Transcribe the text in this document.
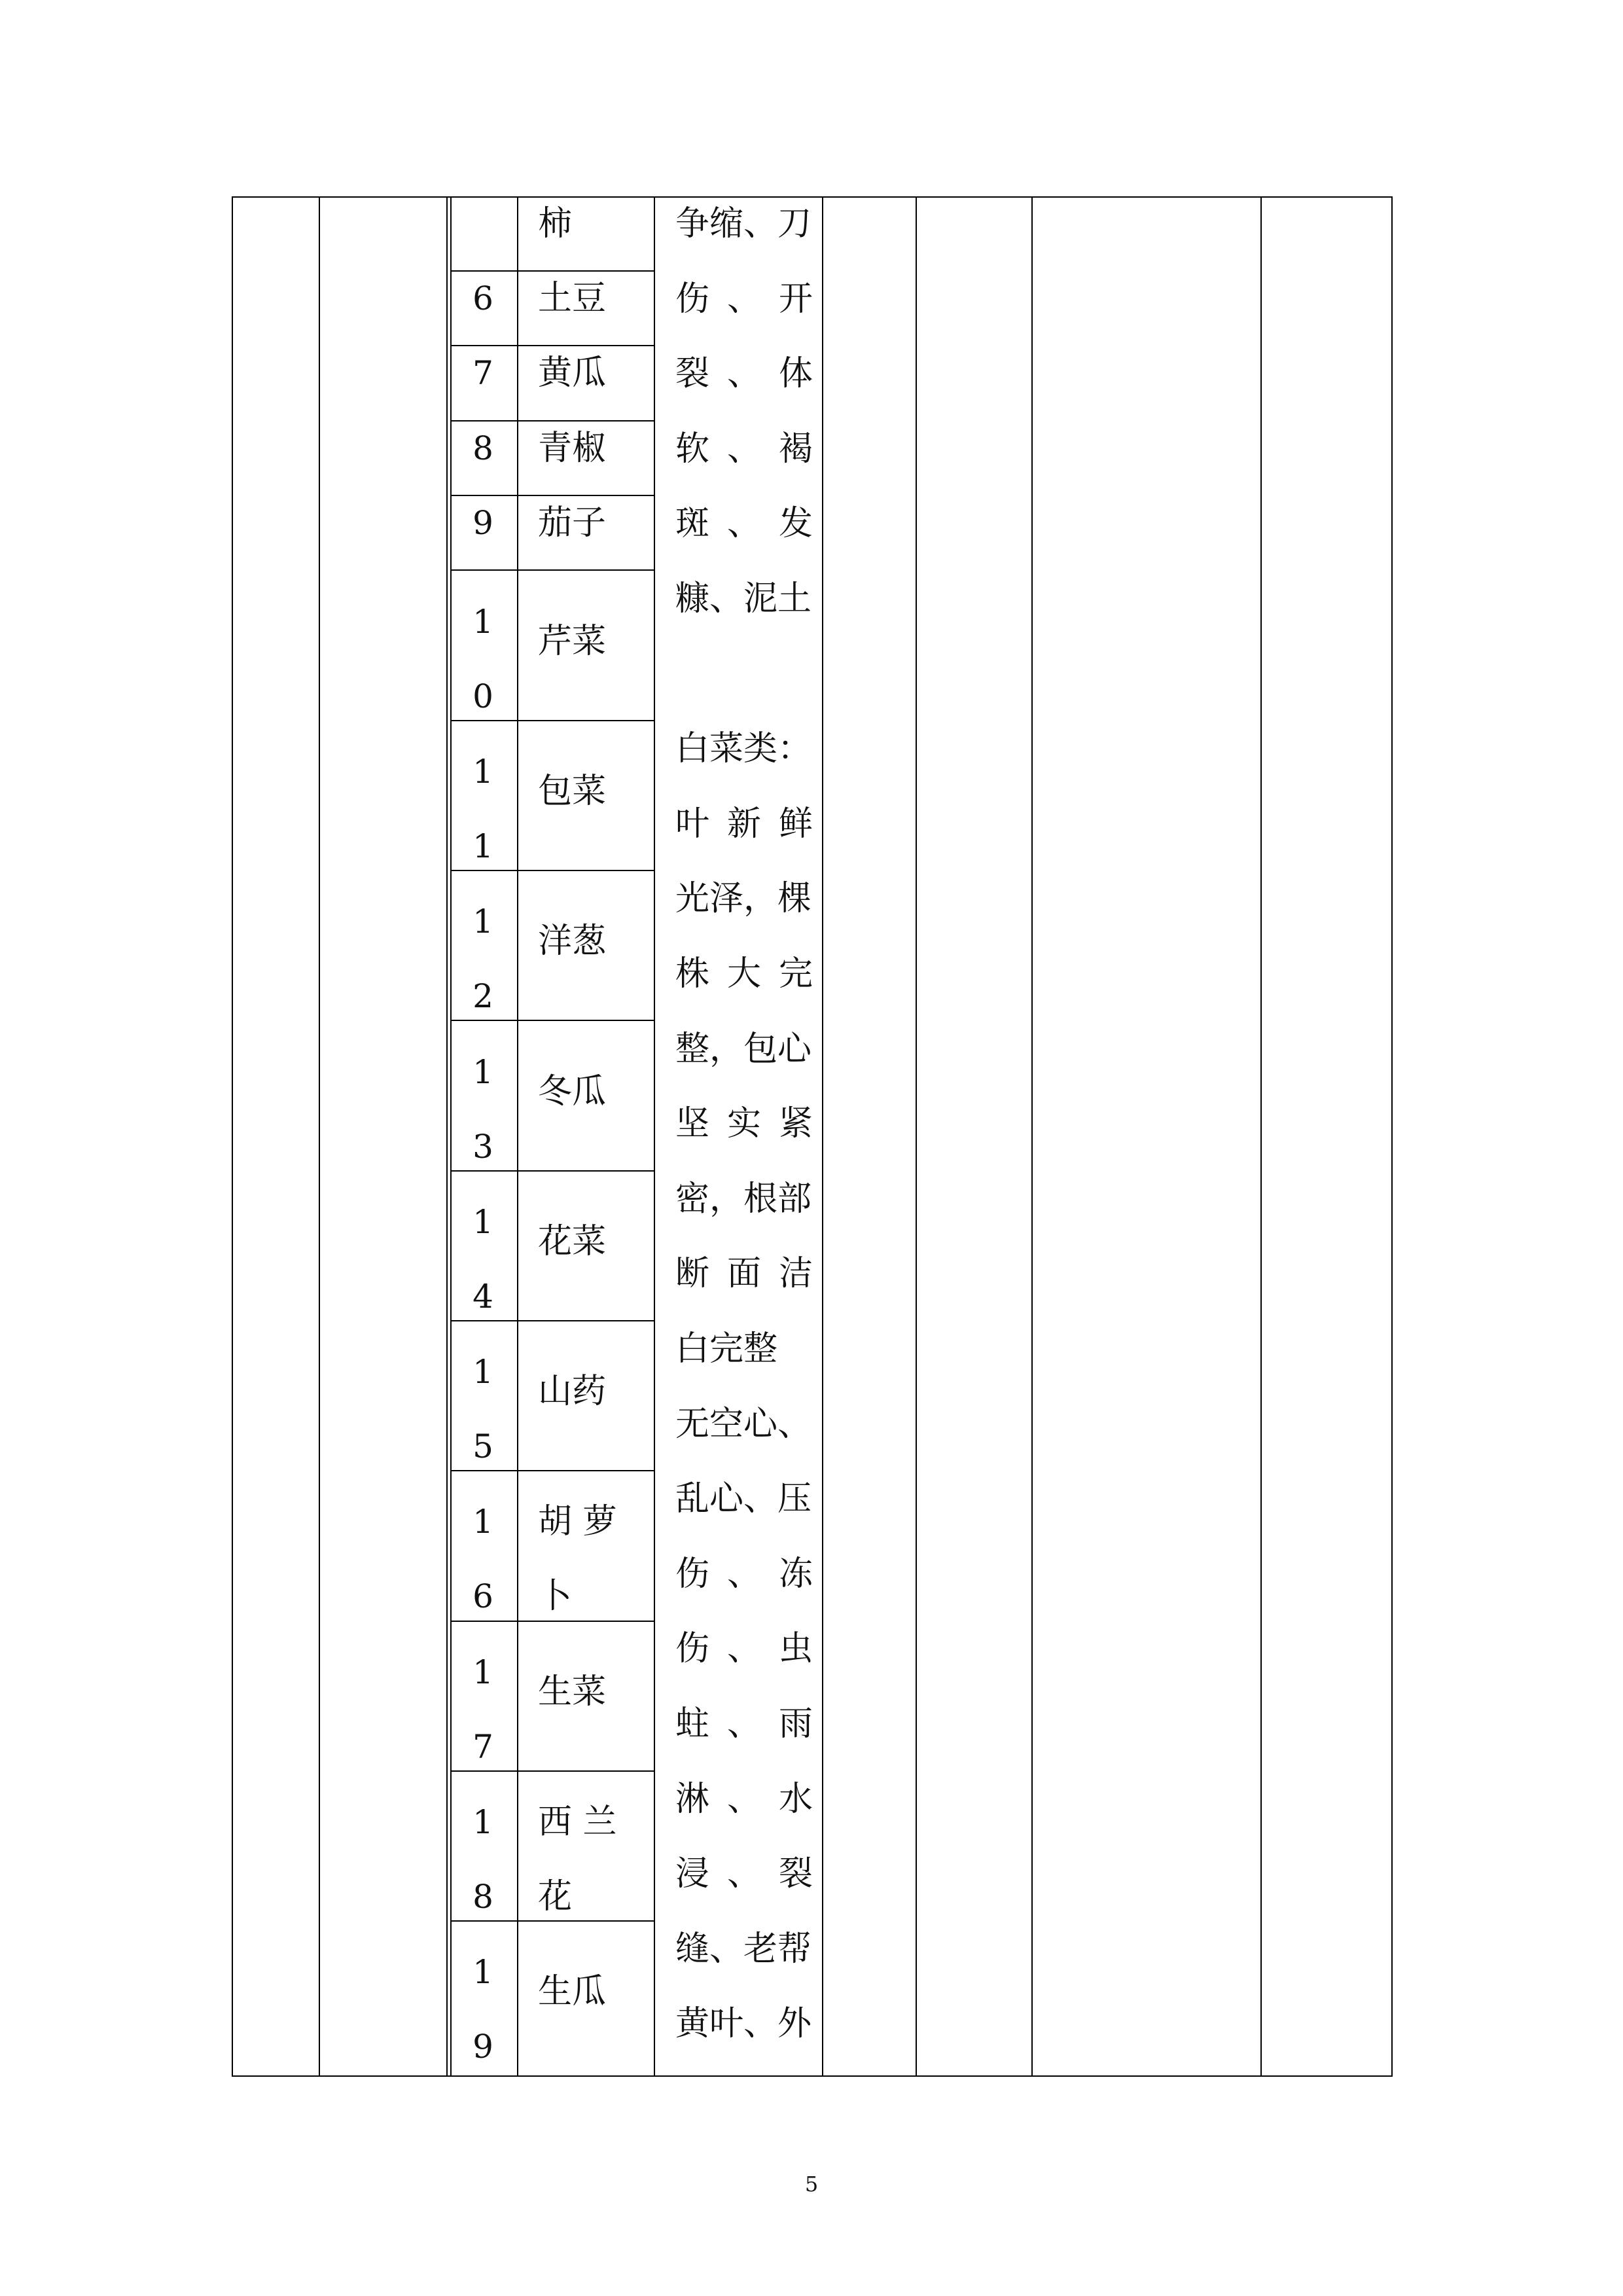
柿
6
7
8
9
1
0
1
1
1
2
1
3
1
4
1
5
1
6
1
7
1
8
1
9
土豆
黄瓜
青椒
茄子
芹菜
包菜
洋葱
冬瓜
花菜
山药
胡 萝 卜
生菜
西 兰 花
生瓜
争缩、刀
伤 、 开
裂 、 体
软 、 褐
斑 、 发
糠、泥土
白菜类：
叶 新 鲜
光泽，棵
株 大 完
整，包心
坚 实 紧
密，根部
断 面 洁
白完整
无空心、
乱心、压
伤 、 冻
伤 、 虫
蛀 、 雨
淋 、 水
浸 、 裂
缝、老帮
黄叶、外
5
